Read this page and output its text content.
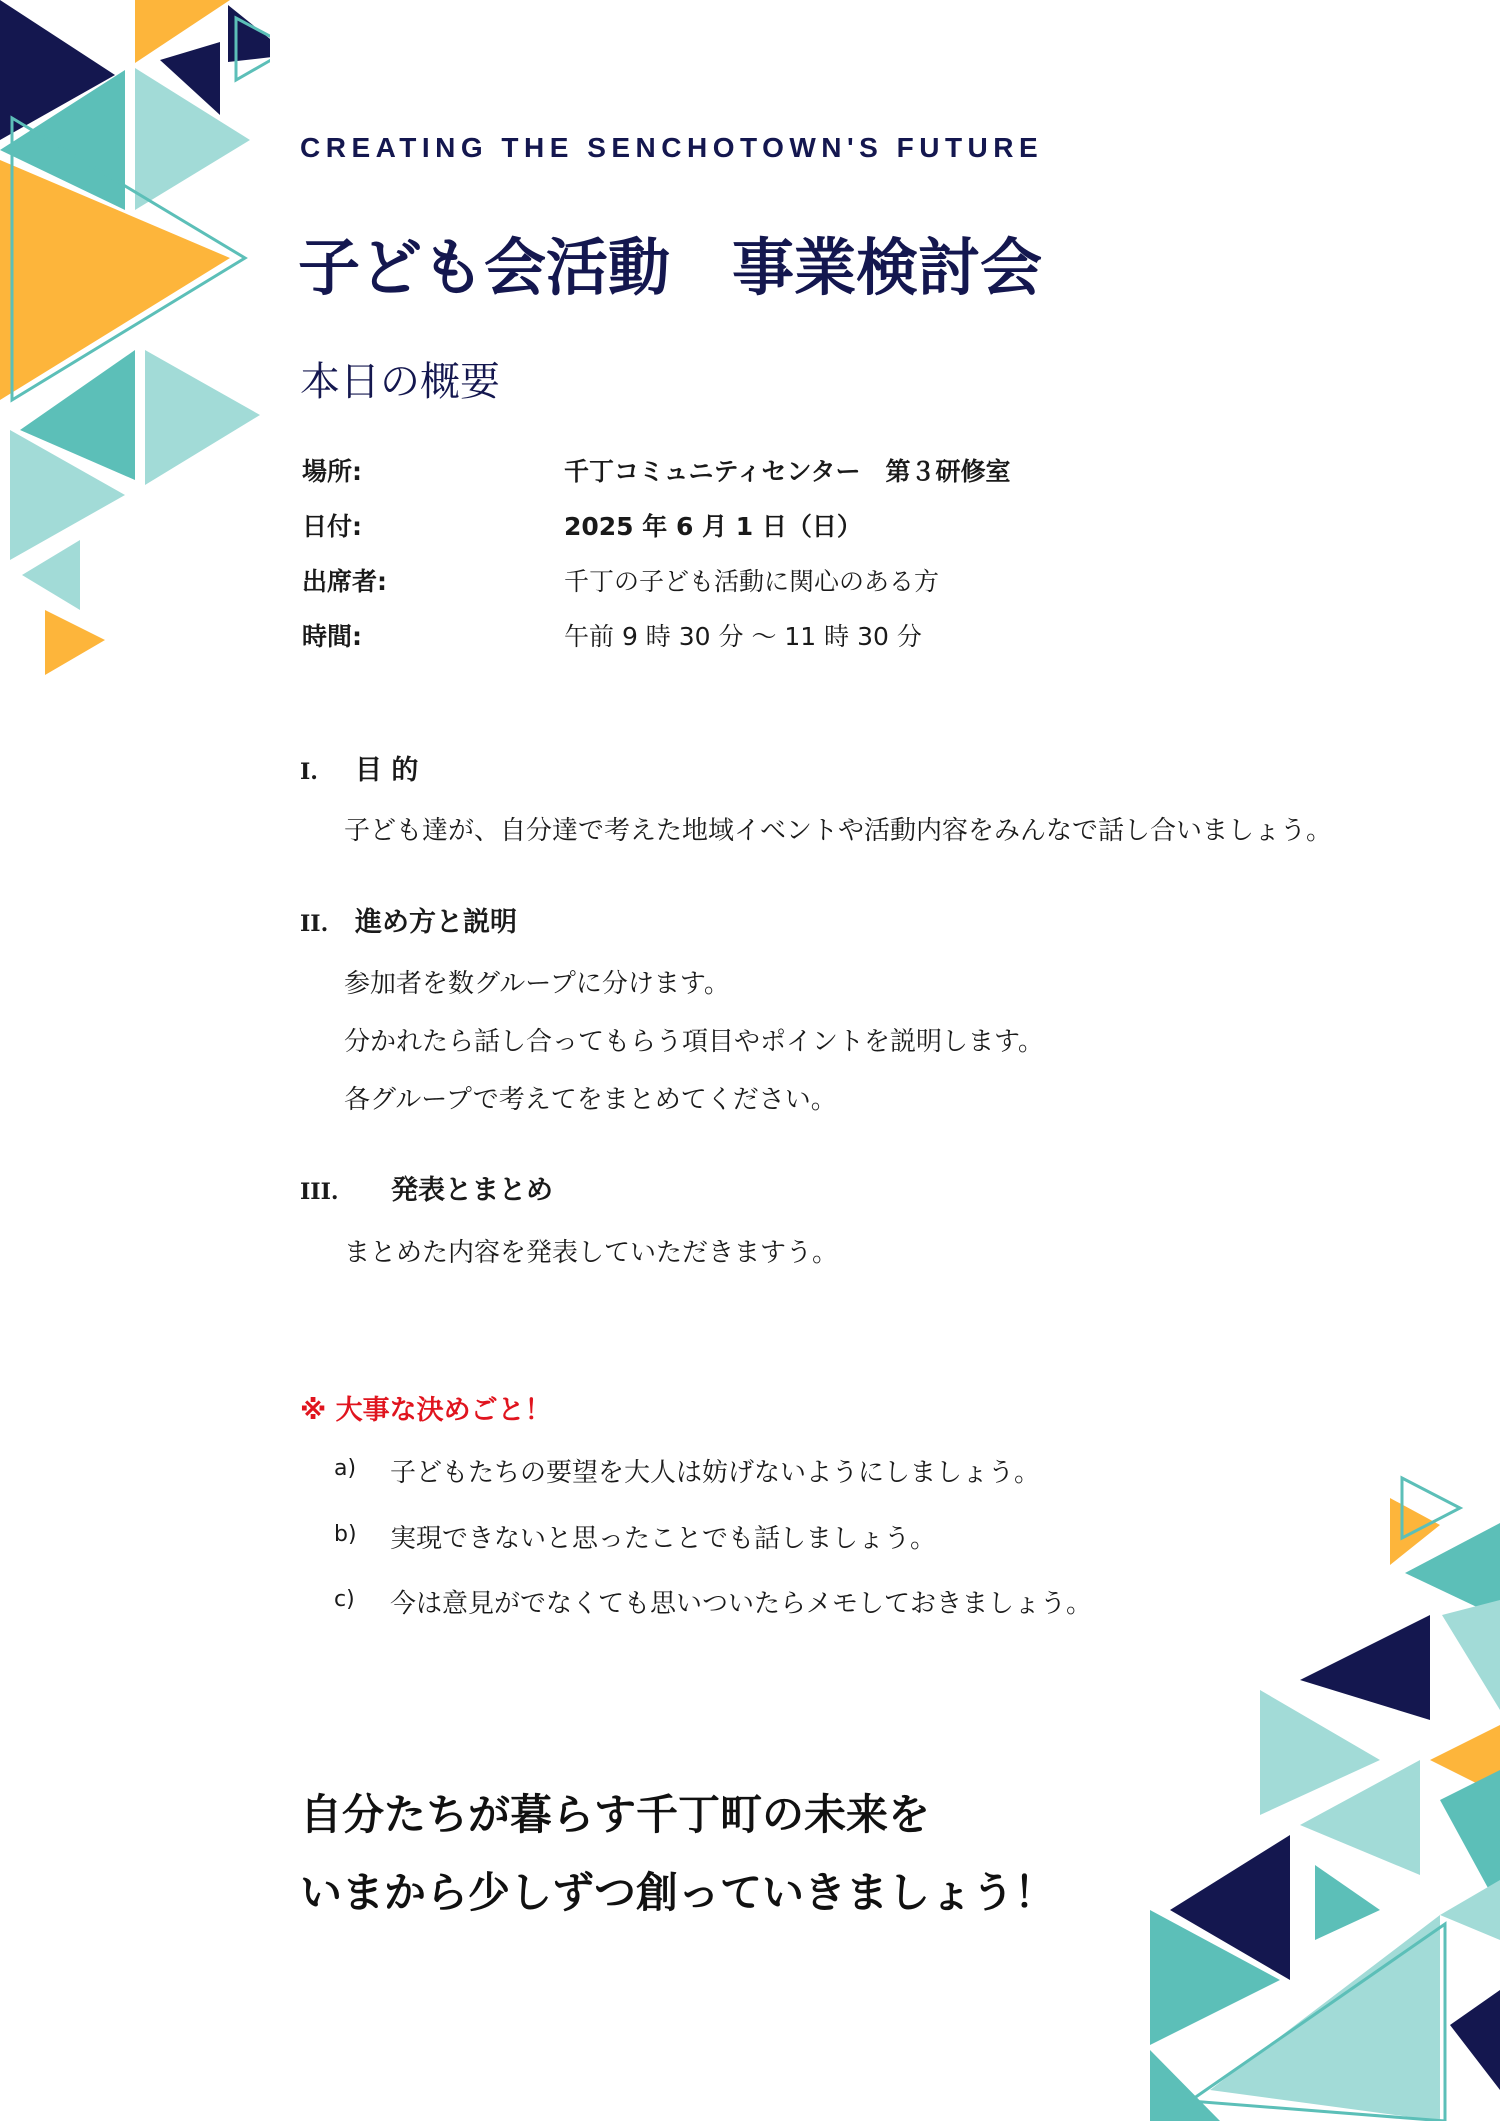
CREATING THE SENCHOTOWN'S FUTURE
子ども会活動　事業検討会
本日の概要
場所:	千丁コミュニティセンター　第３研修室
日付:	2025 年 6 月 1 日（日）
出席者:	千丁の子ども活動に関心のある方
時間:	午前 9 時 30 分 ～ 11 時 30 分
I. 目 的
子ども達が、自分達で考えた地域イベントや活動内容をみんなで話し合いましょう。
II. 進め方と説明
参加者を数グループに分けます。
分かれたら話し合ってもらう項目やポイントを説明します。
各グループで考えてをまとめてください。
III. 発表とまとめ
まとめた内容を発表していただきますう。
※ 大事な決めごと！
a) 子どもたちの要望を大人は妨げないようにしましょう。
b) 実現できないと思ったことでも話しましょう。
c) 今は意見がでなくても思いついたらメモしておきましょう。
自分たちが暮らす千丁町の未来を
いまから少しずつ創っていきましょう！
